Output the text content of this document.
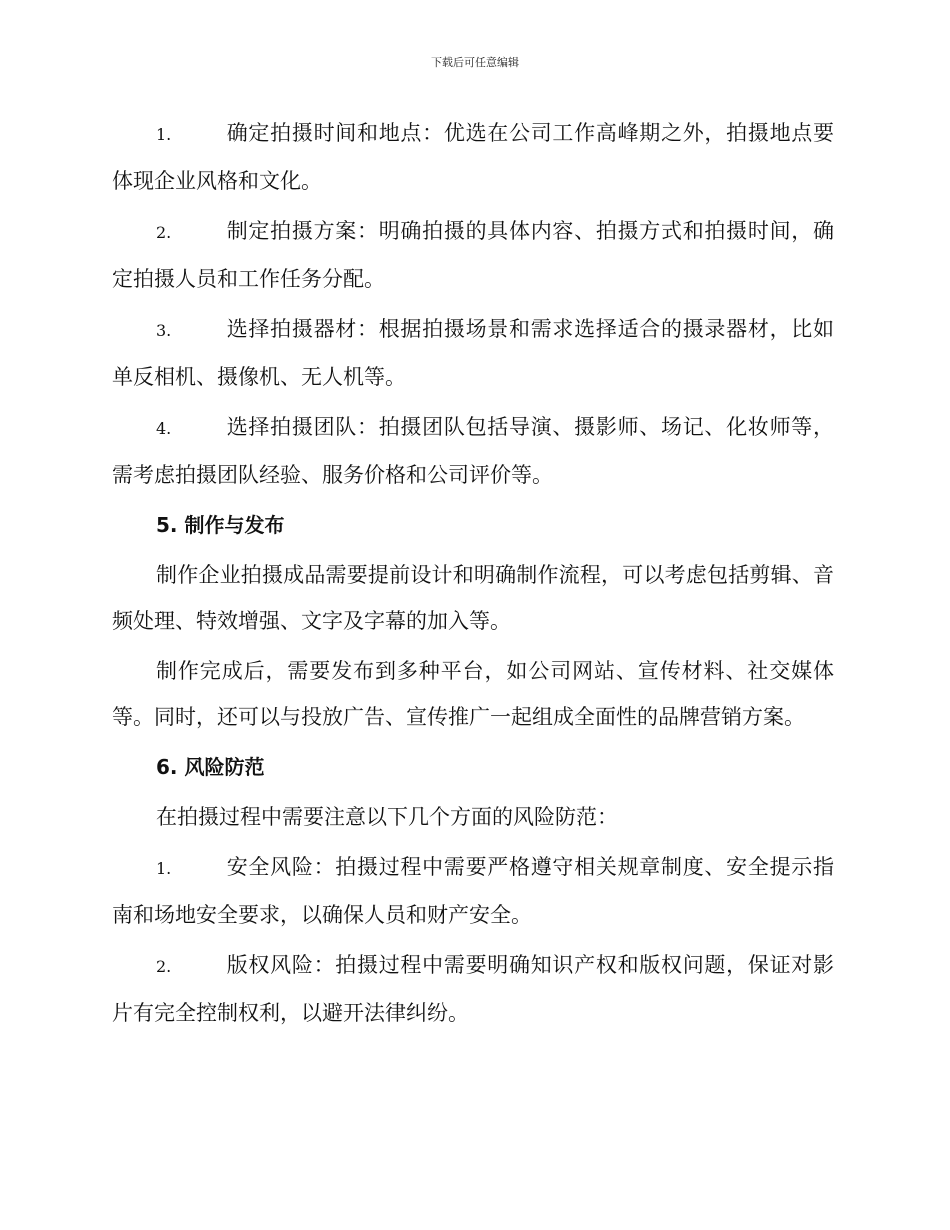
下载后可任意编辑

1.	确定拍摄时间和地点：优选在公司工作高峰期之外，拍摄地点要体现企业风格和文化。

2.	制定拍摄方案：明确拍摄的具体内容、拍摄方式和拍摄时间，确定拍摄人员和工作任务分配。

3.	选择拍摄器材：根据拍摄场景和需求选择适合的摄录器材，比如单反相机、摄像机、无人机等。

4.	选择拍摄团队：拍摄团队包括导演、摄影师、场记、化妆师等，需考虑拍摄团队经验、服务价格和公司评价等。

5. 制作与发布

制作企业拍摄成品需要提前设计和明确制作流程，可以考虑包括剪辑、音频处理、特效增强、文字及字幕的加入等。

制作完成后，需要发布到多种平台，如公司网站、宣传材料、社交媒体等。同时，还可以与投放广告、宣传推广一起组成全面性的品牌营销方案。

6. 风险防范

在拍摄过程中需要注意以下几个方面的风险防范：

1.	安全风险：拍摄过程中需要严格遵守相关规章制度、安全提示指南和场地安全要求，以确保人员和财产安全。

2.	版权风险：拍摄过程中需要明确知识产权和版权问题，保证对影片有完全控制权利，以避开法律纠纷。
